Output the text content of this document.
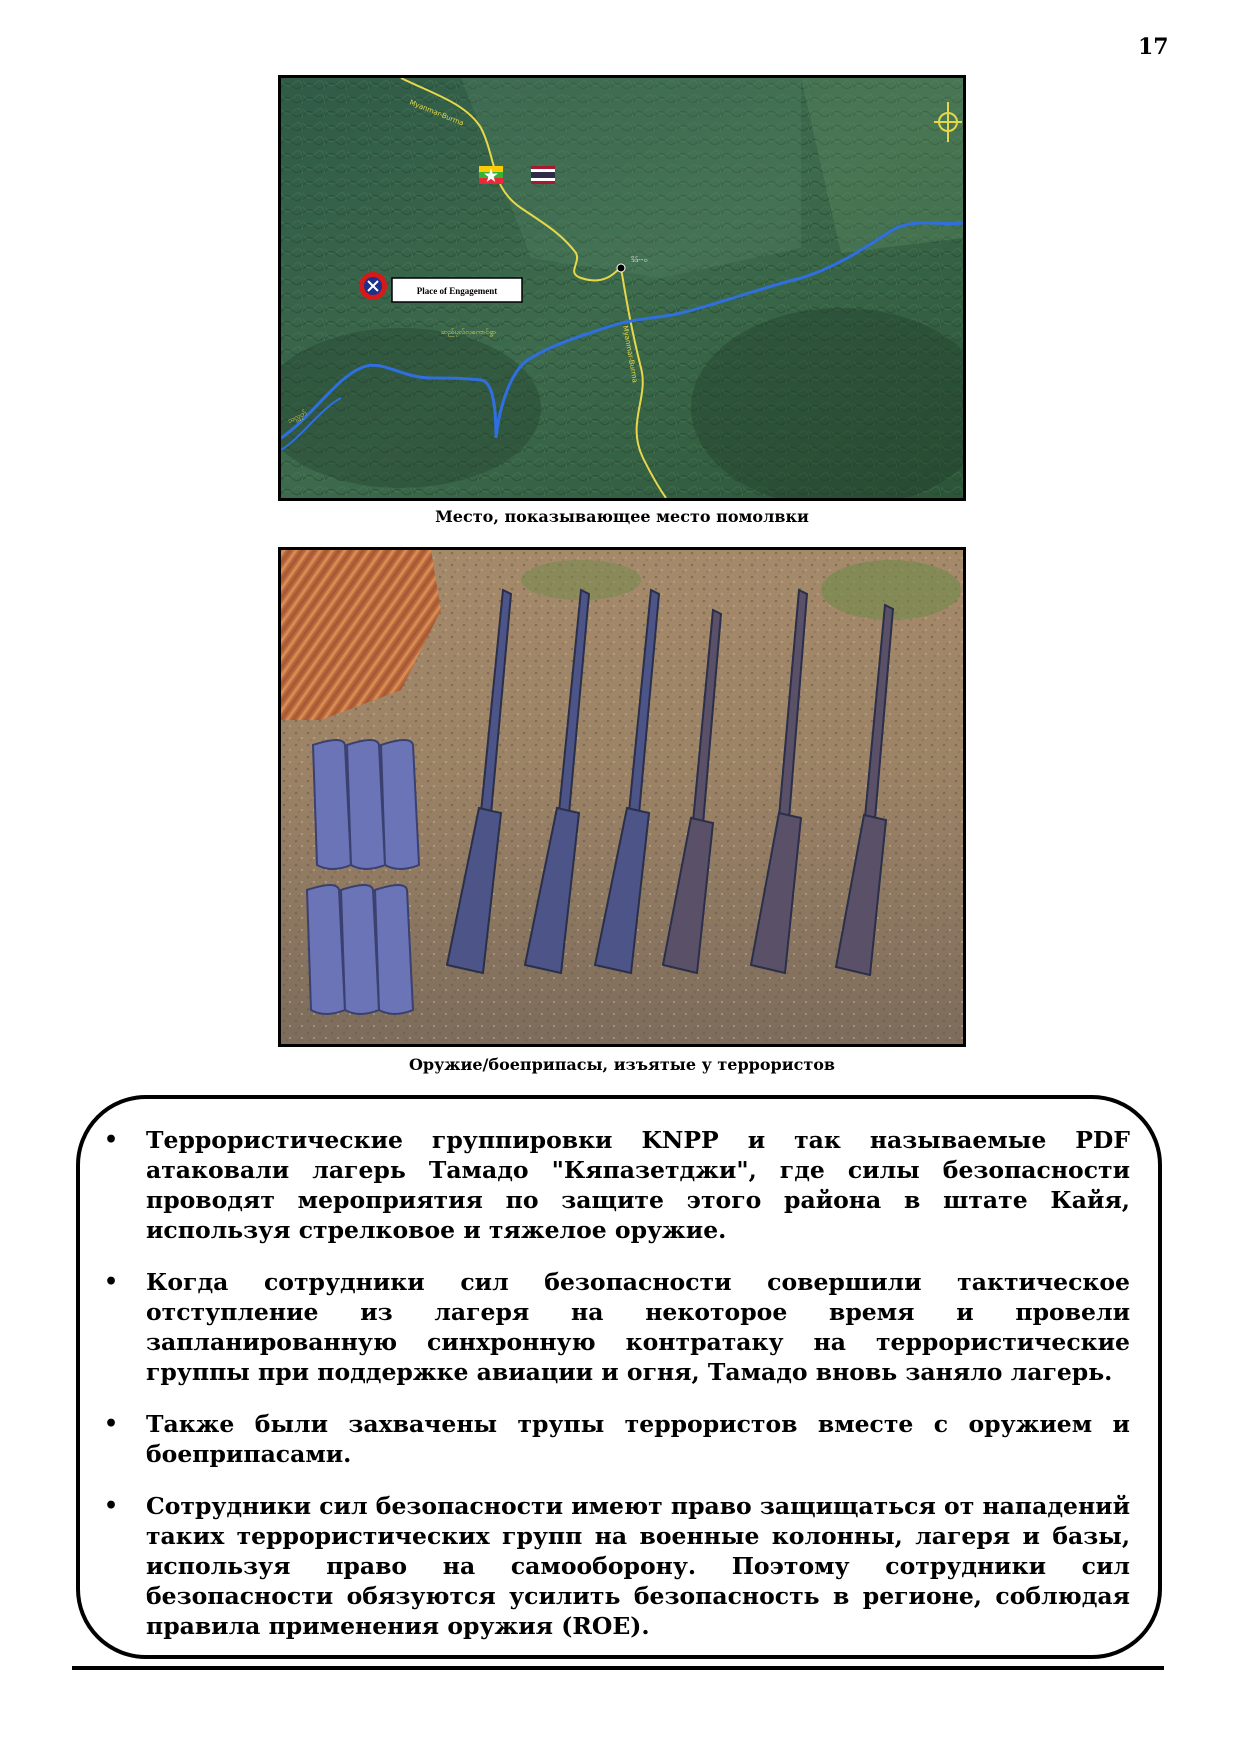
17
Myanmar-Burma
Myanmar-Burma
ဒိဒ်--ဝ
ဆည်ပုလ်လကောင်ရွာ
သလ္လှတ်
Place of Engagement
Место, показывающее место помолвки
Оружие/боеприпасы, изъятые у террористов
• Террористические группировки KNPP и так называемые PDF атаковали лагерь Тамадо "Кяпазетджи", где силы безопасности проводят мероприятия по защите этого района в штате Кайя, используя стрелковое и тяжелое оружие.
• Когда сотрудники сил безопасности совершили тактическое отступление из лагеря на некоторое время и провели запланированную синхронную контратаку на террористические группы при поддержке авиации и огня, Тамадо вновь заняло лагерь.
• Также были захвачены трупы террористов вместе с оружием и боеприпасами.
• Сотрудники сил безопасности имеют право защищаться от нападений таких террористических групп на военные колонны, лагеря и базы, используя право на самооборону. Поэтому сотрудники сил безопасности обязуются усилить безопасность в регионе, соблюдая правила применения оружия (ROE).
